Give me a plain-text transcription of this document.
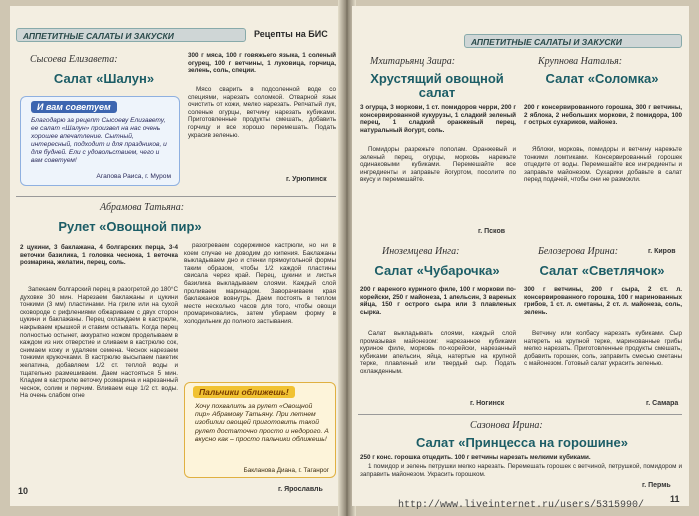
АППЕТИТНЫЕ САЛАТЫ И ЗАКУСКИ	Рецепты на БИС
Сысоева Елизавета:
Салат «Шалун»
300 г мяса, 100 г говяжьего языка, 1 соленый огурец, 100 г ветчины, 1 луковица, горчица, зелень, соль, специи.

Мясо сварить в подсоленной воде со специями, нарезать соломкой. Отварной язык очистить от кожи, мелко нарезать. Репчатый лук, соленые огурцы, ветчину нарезать кубиками. Приготовленные продукты смешать, добавить горчицу и все хорошо перемешать. Подать украсив зеленью.

г. Урюпинск
И вам советуем
Благодарю за рецепт Сысоеву Елизавету, ее салат «Шалун» произвел на нас очень хорошее впечатление. Сытный, интересный, подходит и для праздников, и для будней. Ели с удовольствием, чего и вам советуем!
Агапова Раиса, г. Муром
Абрамова Татьяна:
Рулет «Овощной пир»
2 цукини, 3 баклажана, 4 болгарских перца, 3-4 веточки базилика, 1 головка чеснока, 1 веточка розмарина, желатин, перец, соль.

Запекаем болгарский перец в разогретой до 180°С духовке 30 мин. Нарезаем баклажаны и цукини тонкими (3 мм) пластинами. На гриле или на сухой сковороде с рифлениями обжариваем с двух сторон цукини и баклажаны. Перец охлаждаем в кастрюле, накрываем крышкой и ставим остывать. Когда перец полностью остынет, аккуратно ножом проделываем в каждом из них отверстие и сливаем в кастрюлю сок, снимаем кожу и удаляем семена. Чеснок нарезаем тонкими кружочками. В кастрюлю высыпаем пакетик желатина, добавляем 1/2 ст. теплой воды и тщательно размешиваем. Даем настояться 5 мин. Кладем в кастрюлю веточку розмарина и нарезанный чеснок, солим и перчим. Вливаем еще 1/2 ст. воды. На очень слабом огне

разогреваем содержимое кастрюли, но ни в коем случае не доводим до кипения. Баклажаны выкладываем дно и стенки прямоугольной формы таким образом, чтобы 1/2 каждой пластины свисала через край. Перец, цукини и листья базилика выкладываем слоями. Каждый слой проливаем маринадом. Заворачиваем края баклажанов вовнутрь. Даем постоять в теплом месте несколько часов для того, чтобы овощи промариновались, затем убираем форму в холодильник до полного застывания.

Пальчики оближешь!
Хочу похвалить за рулет «Овощной пир» Абрамову Татьяну. При летнем изобилии овощей приготовить такой рулет достаточно просто и недорого. А вкусно как – просто пальчики оближешь!
Бакланова Диана, г. Таганрог
г. Ярославль
10
АППЕТИТНЫЕ САЛАТЫ И ЗАКУСКИ
Мхитарьянц Заира:
Хрустящий овощной салат
3 огурца, 3 моркови, 1 ст. помидоров черри, 200 г консервированной кукурузы, 1 сладкий зеленый перец, 1 сладкий оранжевый перец, натуральный йогурт, соль.

Помидоры разрежьте пополам. Оранжевый и зеленый перец, огурцы, морковь нарежьте одинаковыми кубиками. Перемешайте все ингредиенты и заправьте йогуртом, посолите по вкусу и перемешайте.

г. Псков
Крупнова Наталья:
Салат «Соломка»
200 г консервированного горошка, 300 г ветчины, 2 яблока, 2 небольших моркови, 2 помидора, 100 г острых сухариков, майонез.

Яблоки, морковь, помидоры и ветчину нарежьте тонкими ломтиками. Консервированный горошек отцедите от воды. Перемешайте все ингредиенты и заправьте майонезом. Сухарики добавьте в салат перед подачей, чтобы они не размокли.

г. Киров
Иноземцева Инга:
Салат «Чубарочка»
200 г вареного куриного филе, 100 г моркови по-корейски, 250 г майонеза, 1 апельсин, 3 вареных яйца, 150 г острого сыра или 3 плавленых сырка.

Салат выкладывать слоями, каждый слой промазывая майонезом: нарезанное кубиками куриное филе, морковь по-корейски, нарезанный кубиками апельсин, яйца, натертые на крупной терке, плавленый или твердый сыр. Подать охлажденным.

г. Ногинск
Белозерова Ирина:
Салат «Светлячок»
300 г ветчины, 200 г сыра, 2 ст. л. консервированного горошка, 100 г маринованных грибов, 1 ст. л. сметаны, 2 ст. л. майонеза, соль, зелень.

Ветчину или колбасу нарезать кубиками. Сыр натереть на крупной терке, маринованные грибы мелко нарезать. Приготовленные продукты смешать, добавить горошек, соль, заправить смесью сметаны с майонезом. Готовый салат украсить зеленью.

г. Самара
Сазонова Ирина:
Салат «Принцесса на горошине»
250 г конс. горошка отцедить. 100 г ветчины нарезать мелкими кубиками.

1 помидор и зелень петрушки мелко нарезать. Перемешать горошек с ветчиной, петрушкой, помидором и заправить майонезом. Украсить горошком.

г. Пермь
11
http://www.liveinternet.ru/users/5315990/
